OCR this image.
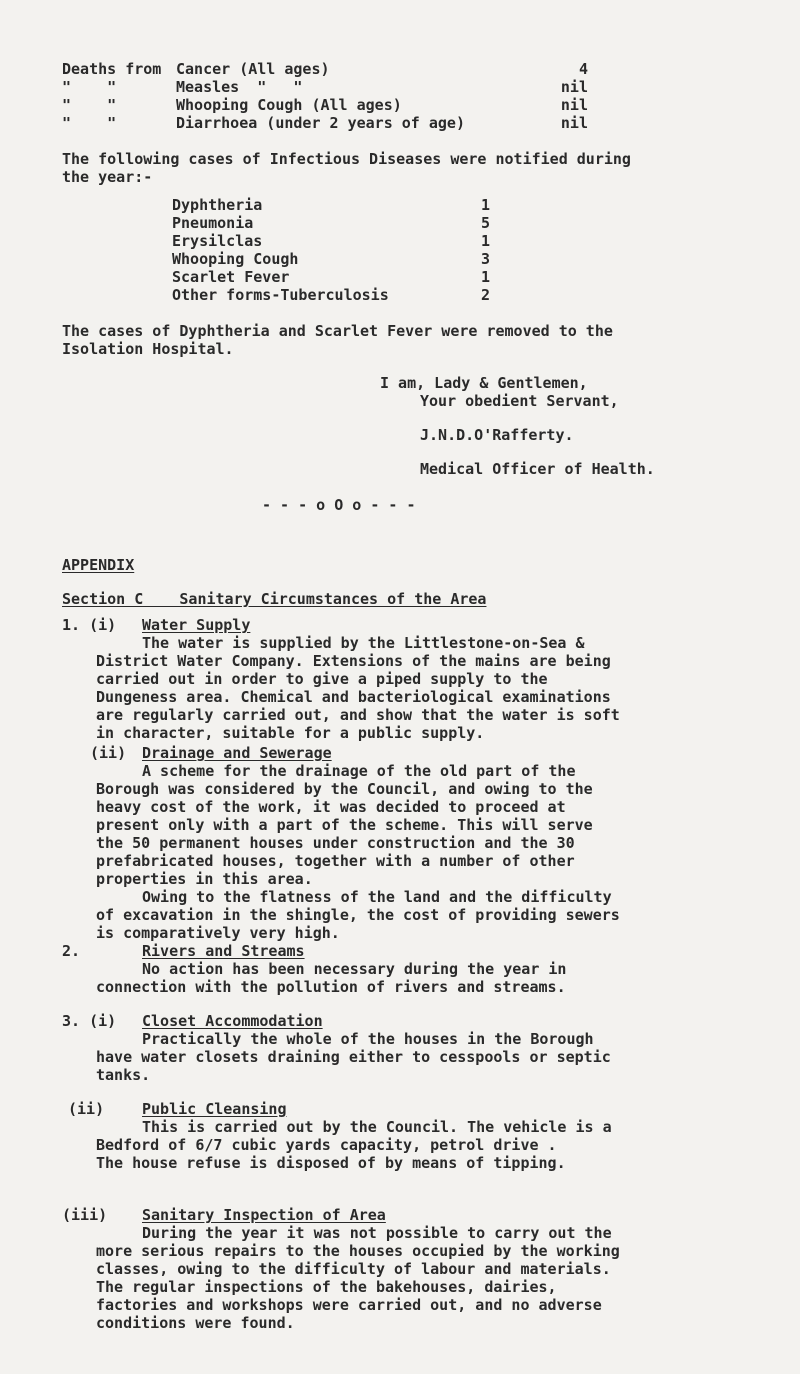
Deaths from Cancer (All ages)	4
"    "	Measles  "   "	nil
"    "	Whooping Cough (All ages)	nil
"    "	Diarrhoea (under 2 years of age)	nil
The following cases of Infectious Diseases were notified during
the year:-
Dyphtheria	1
Pneumonia	5
Erysilclas	1
Whooping Cough	3
Scarlet Fever	1
Other forms-Tuberculosis	2
The cases of Dyphtheria and Scarlet Fever were removed to the
Isolation Hospital.
I am, Lady & Gentlemen,
Your obedient Servant,
J.N.D.O'Rafferty.
Medical Officer of Health.
- - - o O o - - -
APPENDIX
Section C    Sanitary Circumstances of the Area
1. (i) Water Supply

The water is supplied by the Littlestone-on-Sea &

District Water Company. Extensions of the mains are being

carried out in order to give a piped supply to the

Dungeness area. Chemical and bacteriological examinations

are regularly carried out, and show that the water is soft

in character, suitable for a public supply.

(ii) Drainage and Sewerage

A scheme for the drainage of the old part of the

Borough was considered by the Council, and owing to the

heavy cost of the work, it was decided to proceed at

present only with a part of the scheme. This will serve

the 50 permanent houses under construction and the 30

prefabricated houses, together with a number of other

properties in this area.

Owing to the flatness of the land and the difficulty

of excavation in the shingle, the cost of providing sewers

is comparatively very high.

2.	Rivers and Streams

No action has been necessary during the year in

connection with the pollution of rivers and streams.

3. (i) Closet Accommodation

Practically the whole of the houses in the Borough

have water closets draining either to cesspools or septic

tanks.

(ii)	Public Cleansing

This is carried out by the Council. The vehicle is a

Bedford of 6/7 cubic yards capacity, petrol drive .

The house refuse is disposed of by means of tipping.

(iii) Sanitary Inspection of Area

During the year it was not possible to carry out the

more serious repairs to the houses occupied by the working

classes, owing to the difficulty of labour and materials.

The regular inspections of the bakehouses, dairies,

factories and workshops were carried out, and no adverse

conditions were found.
